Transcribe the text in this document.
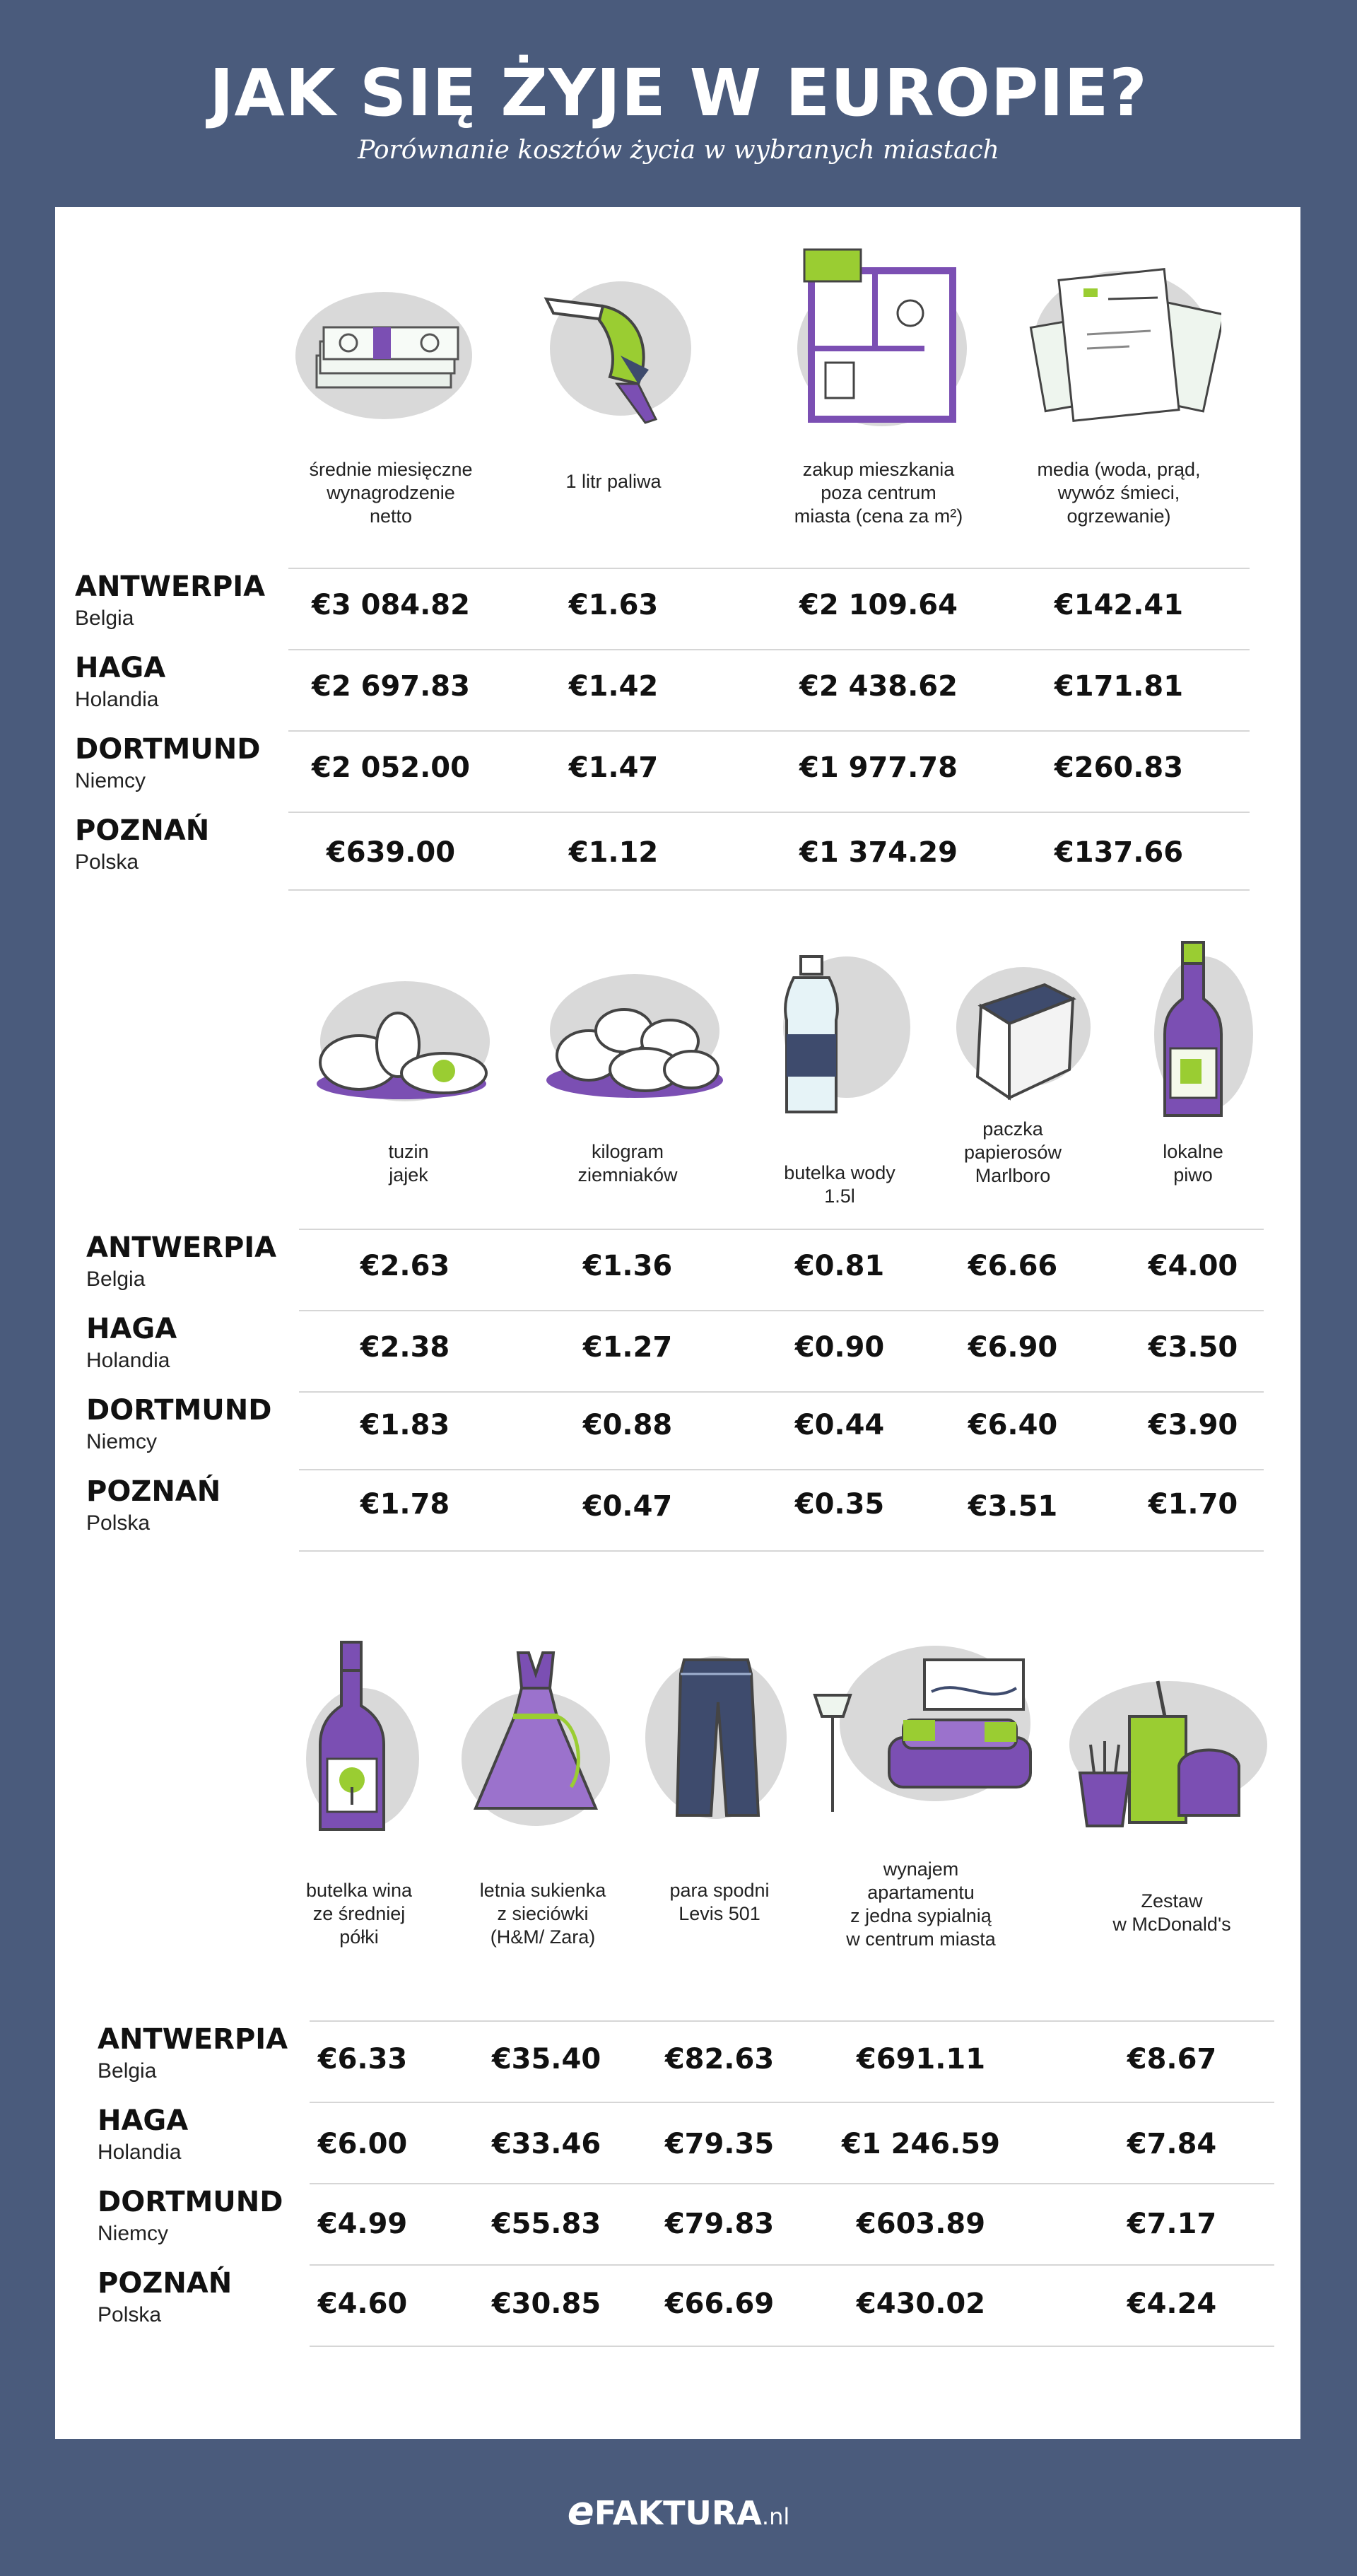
JAK SIĘ ŻYJE W EUROPIE?
Porównanie kosztów życia w wybranych miastach
średnie miesięczne
wynagrodzenie
netto
1 litr paliwa
zakup mieszkania
poza centrum
miasta (cena za m²)
media (woda, prąd,
wywóz śmieci,
ogrzewanie)
ANTWERPIA
Belgia	€3 084.82	€1.63	€2 109.64	€142.41
HAGA
Holandia	€2 697.83	€1.42	€2 438.62	€171.81
DORTMUND
Niemcy	€2 052.00	€1.47	€1 977.78	€260.83
POZNAŃ
Polska	€639.00	€1.12	€1 374.29	€137.66
tuzin
jajek
kilogram
ziemniaków	butelka wody
1.5l
paczka
papierosów
Marlboro
lokalne
piwo
ANTWERPIA
Belgia	€2.63	€1.36	€0.81	€6.66	€4.00
HAGA
Holandia	€2.38	€1.27	€0.90	€6.90	€3.50
DORTMUND
Niemcy
€1.83	€0.88	€0.44	€6.40	€3.90
POZNAŃ
Polska
€1.78	€0.47	€0.35	€3.51	€1.70
butelka wina
ze średniej
półki
letnia sukienka
z sieciówki
(H&M/ Zara)
para spodni
Levis 501
wynajem
apartamentu
z jedna sypialnią
w centrum miasta
Zestaw
w McDonald's
ANTWERPIA
Belgia	€6.33	€35.40	€82.63	€691.11	€8.67
HAGA
Holandia	€6.00	€33.46	€79.35	€1 246.59	€7.84
DORTMUND
Niemcy	€4.99	€55.83	€79.83	€603.89	€7.17
POZNAŃ
Polska	€4.60	€30.85	€66.69	€430.02	€4.24
eFAKTURA.nl
